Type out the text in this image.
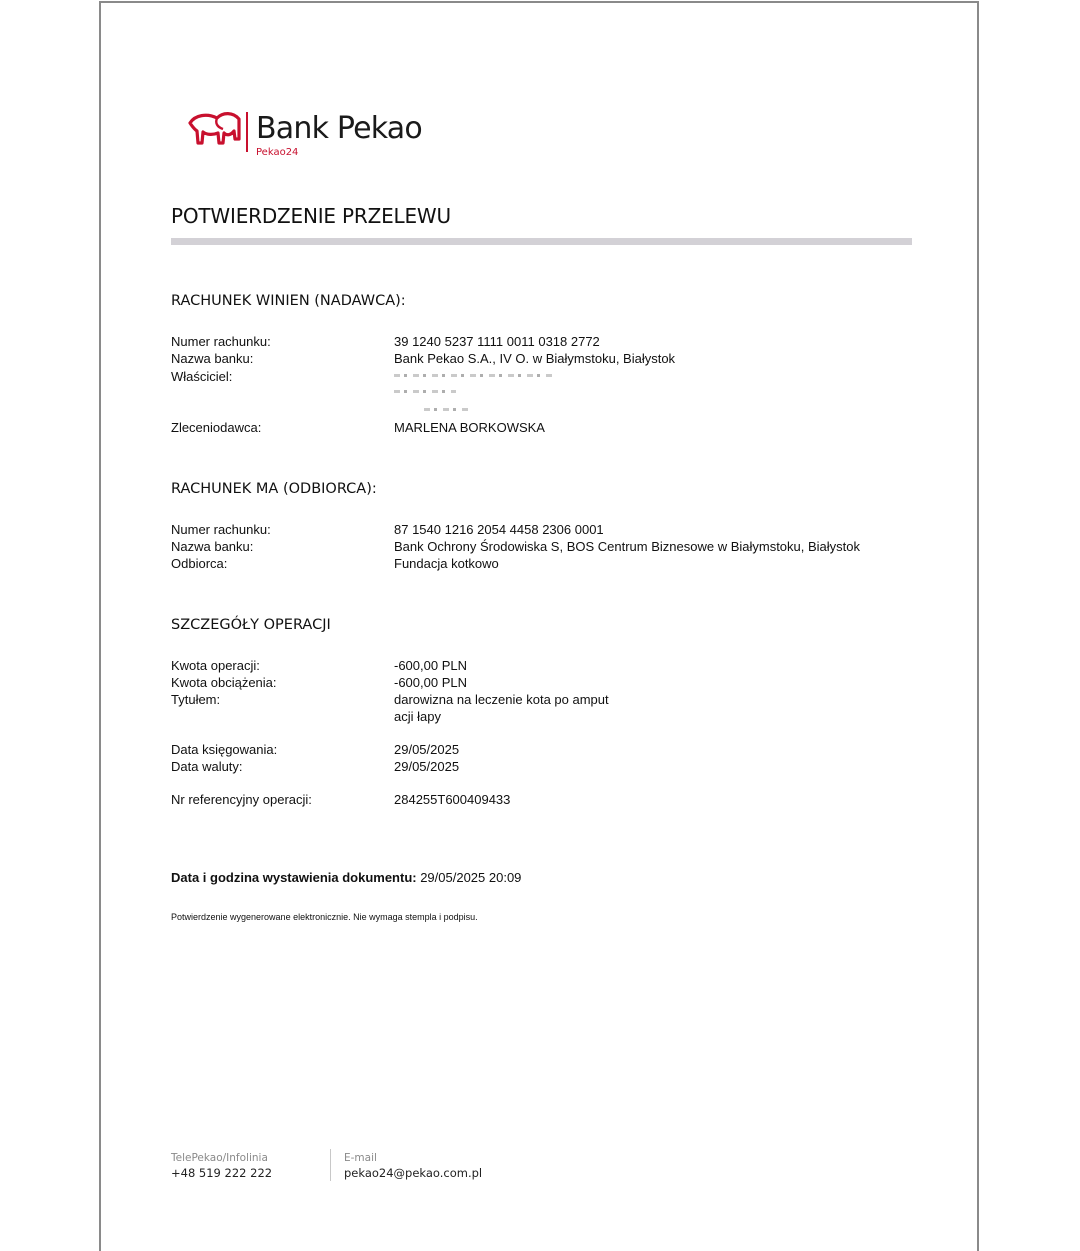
Bank Pekao
Pekao24
POTWIERDZENIE PRZELEWU
RACHUNEK WINIEN (NADAWCA):
Numer rachunku:	39 1240 5237 1111 0011 0318 2772
Nazwa banku:	Bank Pekao S.A., IV O. w Białymstoku, Białystok
Właściciel:
Zleceniodawca:	MARLENA BORKOWSKA
RACHUNEK MA (ODBIORCA):
Numer rachunku:	87 1540 1216 2054 4458 2306 0001
Nazwa banku:	Bank Ochrony Środowiska S, BOS Centrum Biznesowe w Białymstoku, Białystok
Odbiorca:	Fundacja kotkowo
SZCZEGÓŁY OPERACJI
Kwota operacji:	-600,00 PLN
Kwota obciążenia:	-600,00 PLN
Tytułem:	darowizna na leczenie kota po amput
acji łapy
Data księgowania:	29/05/2025
Data waluty:	29/05/2025
Nr referencyjny operacji:	284255T600409433
Data i godzina wystawienia dokumentu: 29/05/2025 20:09
Potwierdzenie wygenerowane elektronicznie. Nie wymaga stempla i podpisu.
TelePekao/Infolinia
+48 519 222 222
E-mail
pekao24@pekao.com.pl
